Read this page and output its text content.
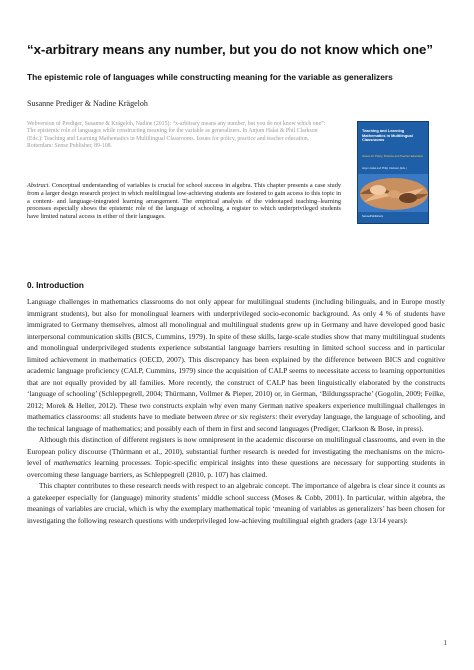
“x-arbitrary means any number, but you do not know which one”
The epistemic role of languages while constructing meaning for the variable as generalizers
Susanne Prediger & Nadine Krägeloh
Webversion of Prediger, Susanne & Krägeloh, Nadine (2015): “x-arbitrary means any number, but you do not know which one”: The epistemic role of languages while constructing meaning for the variable as generalizers. In Anjum Halai & Phil Clarkson (Eds.): Teaching and Learning Mathematics in Multilingual Classrooms. Issues for policy, practice and teacher education. Rotterdam: Sense Publisher, 89-108.
Abstract. Conceptual understanding of variables is crucial for school success in algebra. This chapter presents a case study from a larger design research project in which multilingual low-achieving students are fostered to gain access to this topic in a content- and language-integrated learning arrangement. The empirical analysis of the videotaped teaching–learning processes especially shows the epistemic role of the language of schooling, a register to which underprivileged students have limited natural access in either of their languages.
Teaching and Learning Mathematics in Multilingual Classrooms
Issues for Policy, Practice and Teacher Education
Anjum Halai and Philip Clarkson (Eds.)
SensePublishers
0. Introduction

Language challenges in mathematics classrooms do not only appear for multilingual students (including bilinguals, and in Europe mostly immigrant students), but also for monolingual learners with underprivileged socio-economic background. As only 4 % of students have immigrated to Germany themselves, almost all monolingual and multilingual students grew up in Germany and have developed good basic interpersonal communication skills (BICS, Cummins, 1979). In spite of these skills, large-scale studies show that many multilingual students and monolingual underprivileged students experience substantial language barriers resulting in limited school success and in particular limited achievement in mathematics (OECD, 2007). This discrepancy has been explained by the difference between BICS and cognitive academic language proficiency (CALP, Cummins, 1979) since the acquisition of CALP seems to necessitate access to learning opportunities that are not equally provided by all families. More recently, the construct of CALP has been linguistically elaborated by the constructs ‘language of schooling’ (Schleppegrell, 2004; Thürmann, Vollmer & Pieper, 2010) or, in German, ‘Bildungssprache’ (Gogolin, 2009; Feilke, 2012; Morek & Heller, 2012). These two constructs explain why even many German native speakers experience multilingual challenges in mathematics classrooms: all students have to mediate between three or six registers: their everyday language, the language of schooling, and the technical language of mathematics; and possibly each of them in first and second languages (Prediger, Clarkson & Bose, in press).

Although this distinction of different registers is now omnipresent in the academic discourse on multilingual classrooms, and even in the European policy discourse (Thürmann et al., 2010), substantial further research is needed for investigating the mechanisms on the micro-level of mathematics learning processes. Topic-specific empirical insights into these questions are necessary for supporting students in overcoming these language barriers, as Schleppegrell (2010, p. 107) has claimed.

This chapter contributes to these research needs with respect to an algebraic concept. The importance of algebra is clear since it counts as a gatekeeper especially for (language) minority students’ middle school success (Moses & Cobb, 2001). In particular, within algebra, the meanings of variables are crucial, which is why the exemplary mathematical topic ‘meaning of variables as generalizers’ has been chosen for investigating the following research questions with underprivileged low-achieving multilingual eighth graders (age 13/14 years):

1
